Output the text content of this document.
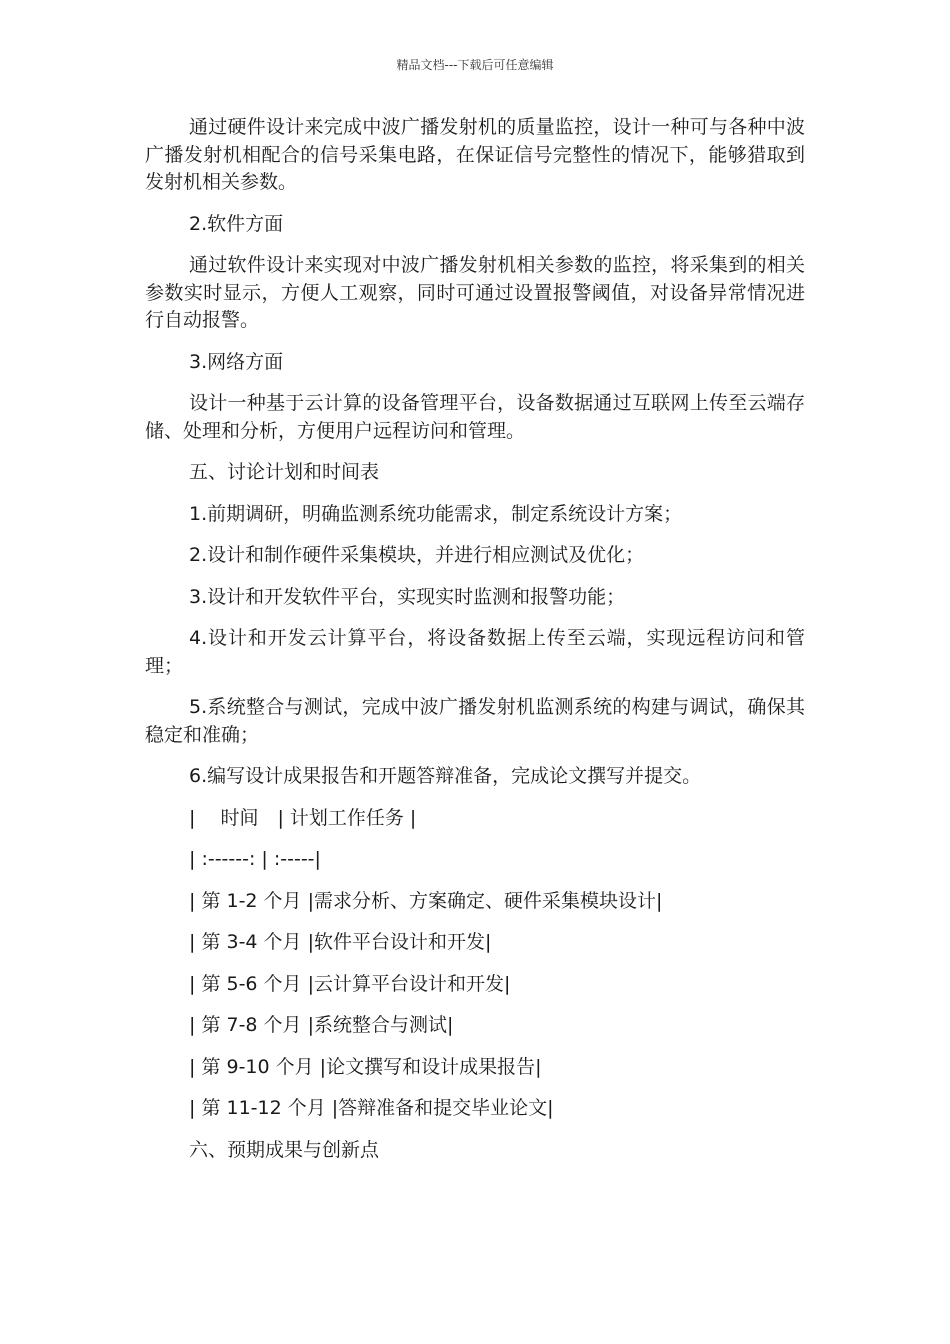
精品文档---下载后可任意编辑

通过硬件设计来完成中波广播发射机的质量监控，设计一种可与各种中波广播发射机相配合的信号采集电路，在保证信号完整性的情况下，能够猎取到发射机相关参数。

2.软件方面

通过软件设计来实现对中波广播发射机相关参数的监控，将采集到的相关参数实时显示，方便人工观察，同时可通过设置报警阈值，对设备异常情况进行自动报警。

3.网络方面

设计一种基于云计算的设备管理平台，设备数据通过互联网上传至云端存储、处理和分析，方便用户远程访问和管理。

五、讨论计划和时间表

1.前期调研，明确监测系统功能需求，制定系统设计方案；

2.设计和制作硬件采集模块，并进行相应测试及优化；

3.设计和开发软件平台，实现实时监测和报警功能；

4.设计和开发云计算平台，将设备数据上传至云端，实现远程访问和管理；

5.系统整合与测试，完成中波广播发射机监测系统的构建与调试，确保其稳定和准确；

6.编写设计成果报告和开题答辩准备，完成论文撰写并提交。

|　 时间　| 计划工作任务 |

| :------: | :-----|

| 第 1-2 个月 |需求分析、方案确定、硬件采集模块设计|

| 第 3-4 个月 |软件平台设计和开发|

| 第 5-6 个月 |云计算平台设计和开发|

| 第 7-8 个月 |系统整合与测试|

| 第 9-10 个月 |论文撰写和设计成果报告|

| 第 11-12 个月 |答辩准备和提交毕业论文|

六、预期成果与创新点
